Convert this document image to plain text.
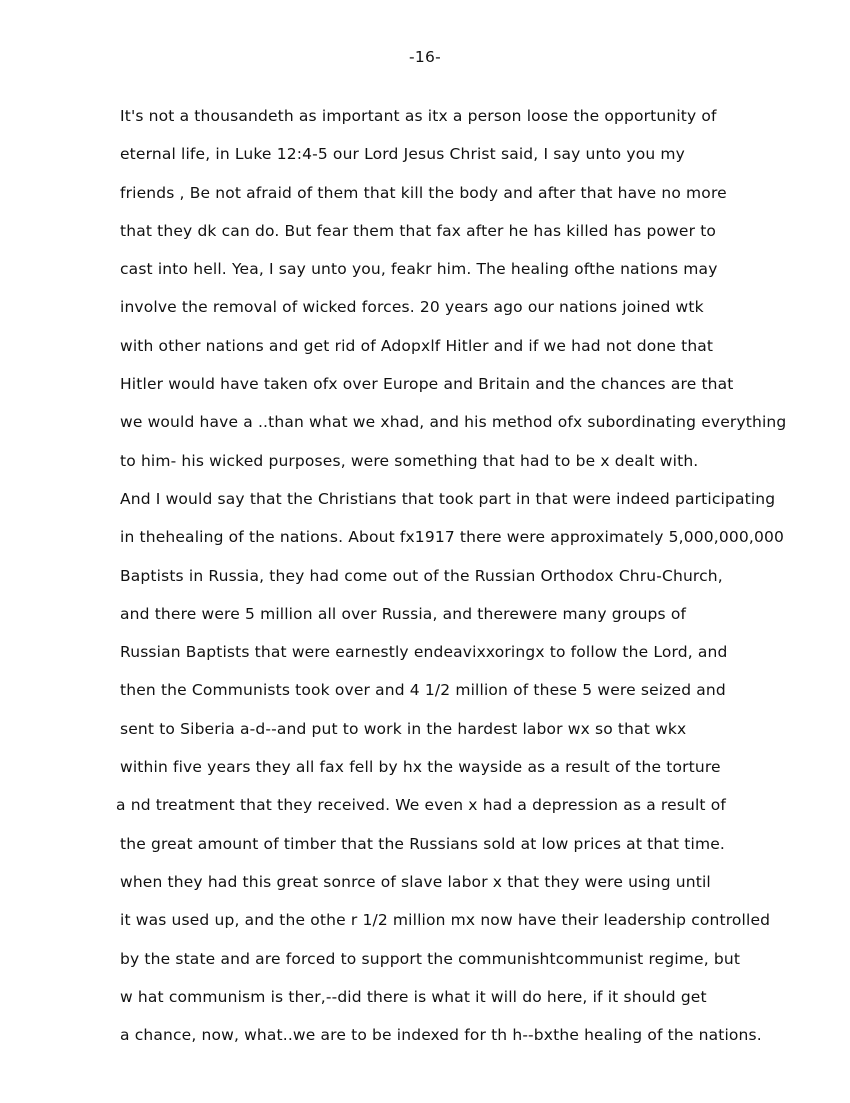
-16-
It's not a thousandeth as important as itx a person loose the opportunity of
eternal life, in Luke 12:4-5 our Lord Jesus Christ said, I say unto you my
friends , Be not afraid of them that kill the body and after that have no more
that they dk can do. But fear them that fax after he has killed has power to
cast into hell. Yea, I say unto you, feakr him. The healing ofthe nations may
involve the removal of wicked forces. 20 years ago our nations joined wtk
with other nations and get rid of Adopxlf Hitler and if we had not done that
Hitler would have taken ofx over Europe and Britain and the chances are that
we would have a ..than what we xhad, and his method ofx subordinating everything
to him- his wicked purposes, were something that had to be x dealt with.
And I would say that the Christians that took part in that were indeed participating
in thehealing of the nations. About fx1917 there were approximately 5,000,000,000
Baptists in Russia, they had come out of the Russian Orthodox Chru-Church,
and there were 5 million all over Russia, and therewere many groups of
Russian Baptists that were earnestly endeavixxoringx to follow the Lord, and
then the Communists took over and 4 1/2 million of these 5 were seized and
sent to Siberia a-d--and put to work in the hardest labor wx so that wkx
within five years they all fax fell by hx the wayside as a result of the torture
a nd treatment that they received. We even x had a depression as a result of
the great amount of timber that the Russians sold at low prices at that time.
when they had this great sonrce of slave labor x that they were using until
it was used up, and the othe r 1/2 million mx now have their leadership controlled
by the state and are forced to support the communishtcommunist regime, but
w hat communism is ther,--did there is what it will do here, if it should get
a chance, now, what..we are to be indexed for th h--bxthe healing of the nations.
